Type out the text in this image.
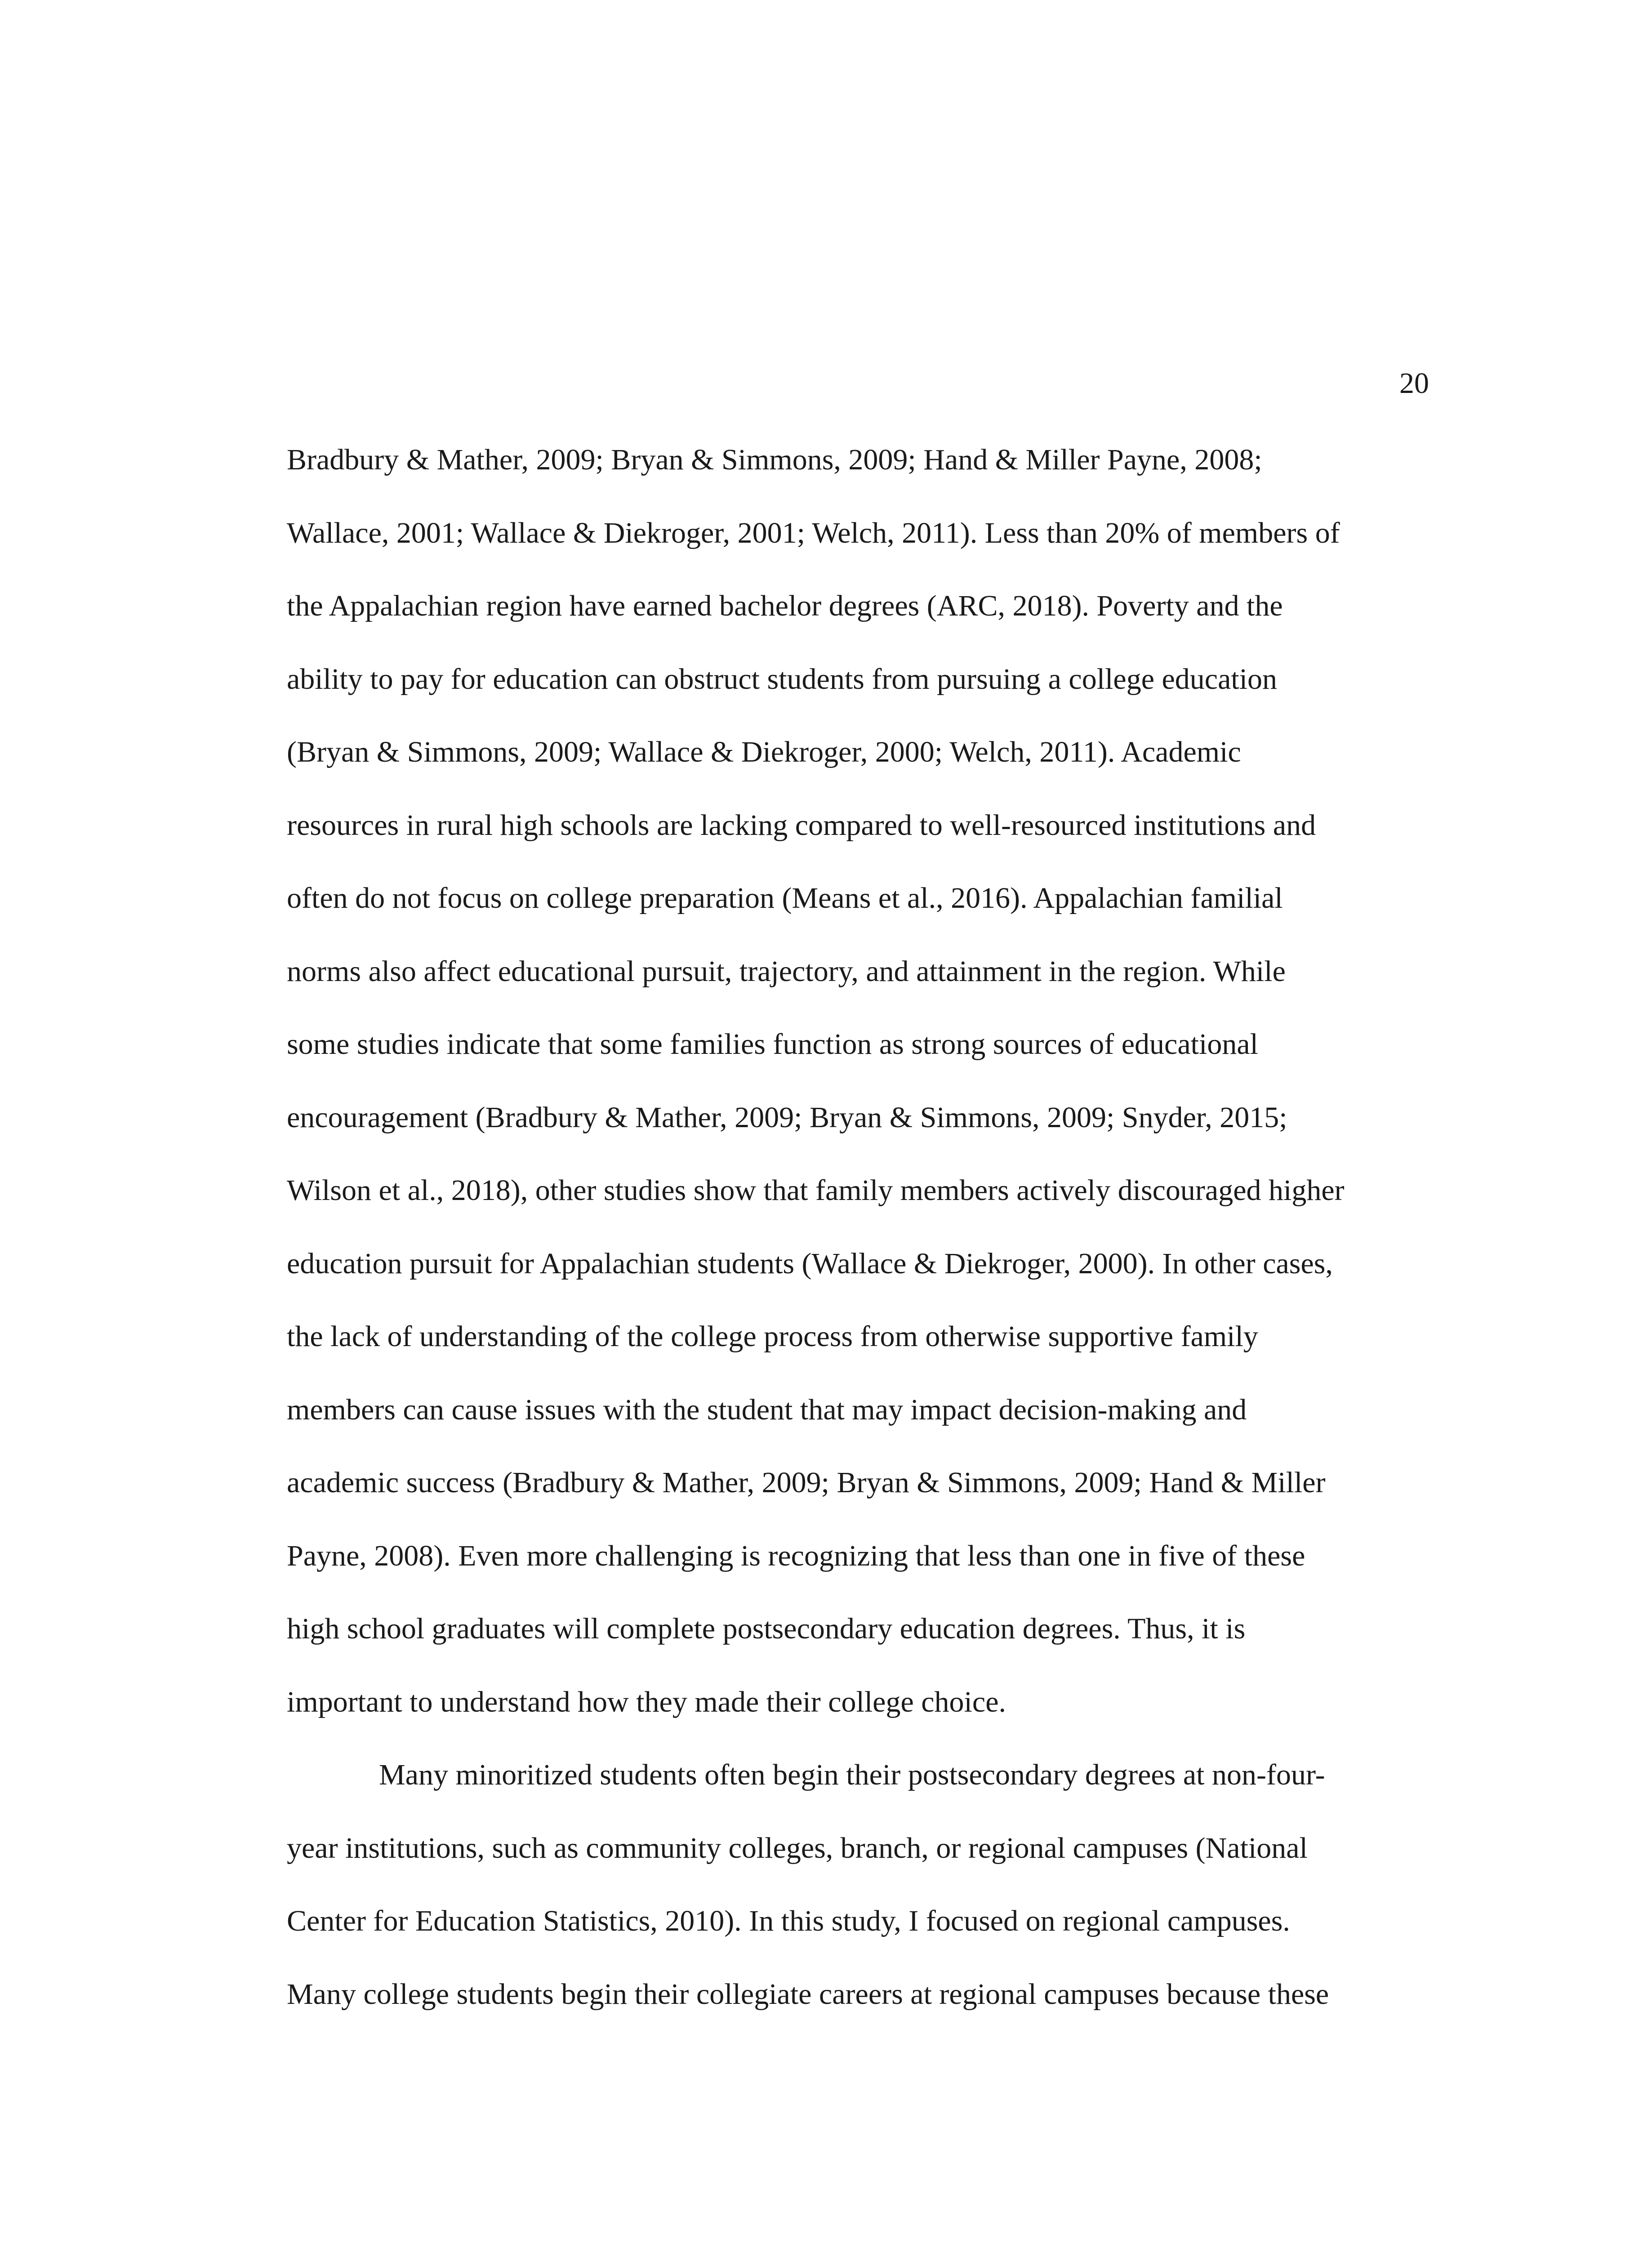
20
Bradbury & Mather, 2009; Bryan & Simmons, 2009; Hand & Miller Payne, 2008;
Wallace, 2001; Wallace & Diekroger, 2001; Welch, 2011). Less than 20% of members of
the Appalachian region have earned bachelor degrees (ARC, 2018). Poverty and the
ability to pay for education can obstruct students from pursuing a college education
(Bryan & Simmons, 2009; Wallace & Diekroger, 2000; Welch, 2011). Academic
resources in rural high schools are lacking compared to well-resourced institutions and
often do not focus on college preparation (Means et al., 2016). Appalachian familial
norms also affect educational pursuit, trajectory, and attainment in the region. While
some studies indicate that some families function as strong sources of educational
encouragement (Bradbury & Mather, 2009; Bryan & Simmons, 2009; Snyder, 2015;
Wilson et al., 2018), other studies show that family members actively discouraged higher
education pursuit for Appalachian students (Wallace & Diekroger, 2000). In other cases,
the lack of understanding of the college process from otherwise supportive family
members can cause issues with the student that may impact decision-making and
academic success (Bradbury & Mather, 2009; Bryan & Simmons, 2009; Hand & Miller
Payne, 2008). Even more challenging is recognizing that less than one in five of these
high school graduates will complete postsecondary education degrees. Thus, it is
important to understand how they made their college choice.
Many minoritized students often begin their postsecondary degrees at non-four-
year institutions, such as community colleges, branch, or regional campuses (National
Center for Education Statistics, 2010). In this study, I focused on regional campuses.
Many college students begin their collegiate careers at regional campuses because these
